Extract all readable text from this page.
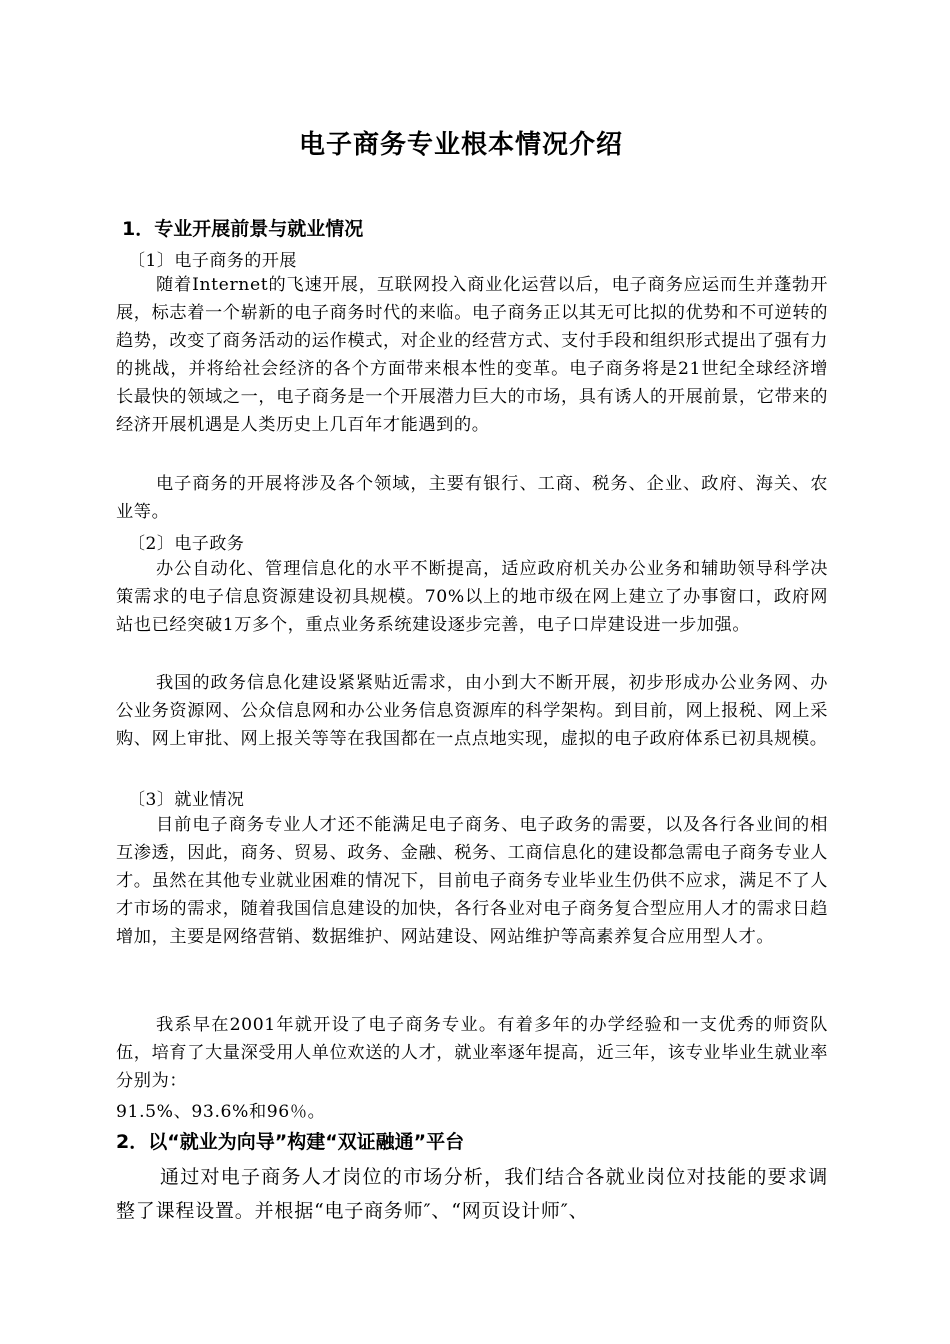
电子商务专业根本情况介绍
1．专业开展前景与就业情况
〔1〕电子商务的开展
随着Internet的飞速开展，互联网投入商业化运营以后，电子商务应运而生并蓬勃开展，标志着一个崭新的电子商务时代的来临。电子商务正以其无可比拟的优势和不可逆转的趋势，改变了商务活动的运作模式，对企业的经营方式、支付手段和组织形式提出了强有力的挑战，并将给社会经济的各个方面带来根本性的变革。电子商务将是21世纪全球经济增长最快的领域之一，电子商务是一个开展潜力巨大的市场，具有诱人的开展前景，它带来的经济开展机遇是人类历史上几百年才能遇到的。
电子商务的开展将涉及各个领域，主要有银行、工商、税务、企业、政府、海关、农业等。
〔2〕电子政务
办公自动化、管理信息化的水平不断提高，适应政府机关办公业务和辅助领导科学决策需求的电子信息资源建设初具规模。70%以上的地市级在网上建立了办事窗口，政府网站也已经突破1万多个，重点业务系统建设逐步完善，电子口岸建设进一步加强。
我国的政务信息化建设紧紧贴近需求，由小到大不断开展，初步形成办公业务网、办公业务资源网、公众信息网和办公业务信息资源库的科学架构。到目前，网上报税、网上采购、网上审批、网上报关等等在我国都在一点点地实现，虚拟的电子政府体系已初具规模。
〔3〕就业情况
目前电子商务专业人才还不能满足电子商务、电子政务的需要，以及各行各业间的相互渗透，因此，商务、贸易、政务、金融、税务、工商信息化的建设都急需电子商务专业人才。虽然在其他专业就业困难的情况下，目前电子商务专业毕业生仍供不应求，满足不了人才市场的需求，随着我国信息建设的加快，各行各业对电子商务复合型应用人才的需求日趋增加，主要是网络营销、数据维护、网站建设、网站维护等高素养复合应用型人才。
我系早在2001年就开设了电子商务专业。有着多年的办学经验和一支优秀的师资队伍，培育了大量深受用人单位欢送的人才，就业率逐年提高，近三年，该专业毕业生就业率分别为：
91.5%、93.6%和96％。
2．以“就业为向导”构建“双证融通”平台
通过对电子商务人才岗位的市场分析，我们结合各就业岗位对技能的要求调整了课程设置。并根据“电子商务师″、“网页设计师″、
